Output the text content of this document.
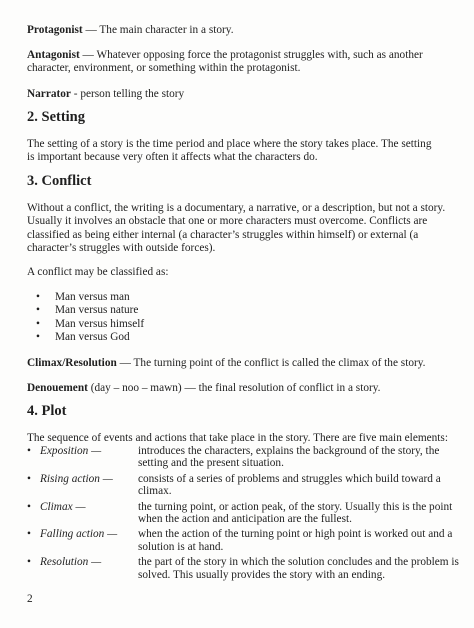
Protagonist — The main character in a story.

Antagonist — Whatever opposing force the protagonist struggles with, such as another character, environment, or something within the protagonist.

Narrator - person telling the story

2. Setting

The setting of a story is the time period and place where the story takes place. The setting is important because very often it affects what the characters do.

3. Conflict

Without a conflict, the writing is a documentary, a narrative, or a description, but not a story. Usually it involves an obstacle that one or more characters must overcome. Conflicts are classified as being either internal (a character’s struggles within himself) or external (a character’s struggles with outside forces).

A conflict may be classified as:

• Man versus man
• Man versus nature
• Man versus himself
• Man versus God

Climax/Resolution — The turning point of the conflict is called the climax of the story.

Denouement (day – noo – mawn) — the final resolution of conflict in a story.

4. Plot

The sequence of events and actions that take place in the story. There are five main elements:

• Exposition —	introduces the characters, explains the background of the story, the setting and the present situation.
• Rising action —	consists of a series of problems and struggles which build toward a climax.
• Climax —	the turning point, or action peak, of the story. Usually this is the point when the action and anticipation are the fullest.
• Falling action —	when the action of the turning point or high point is worked out and a solution is at hand.
• Resolution —	the part of the story in which the solution concludes and the problem is solved. This usually provides the story with an ending.
2
